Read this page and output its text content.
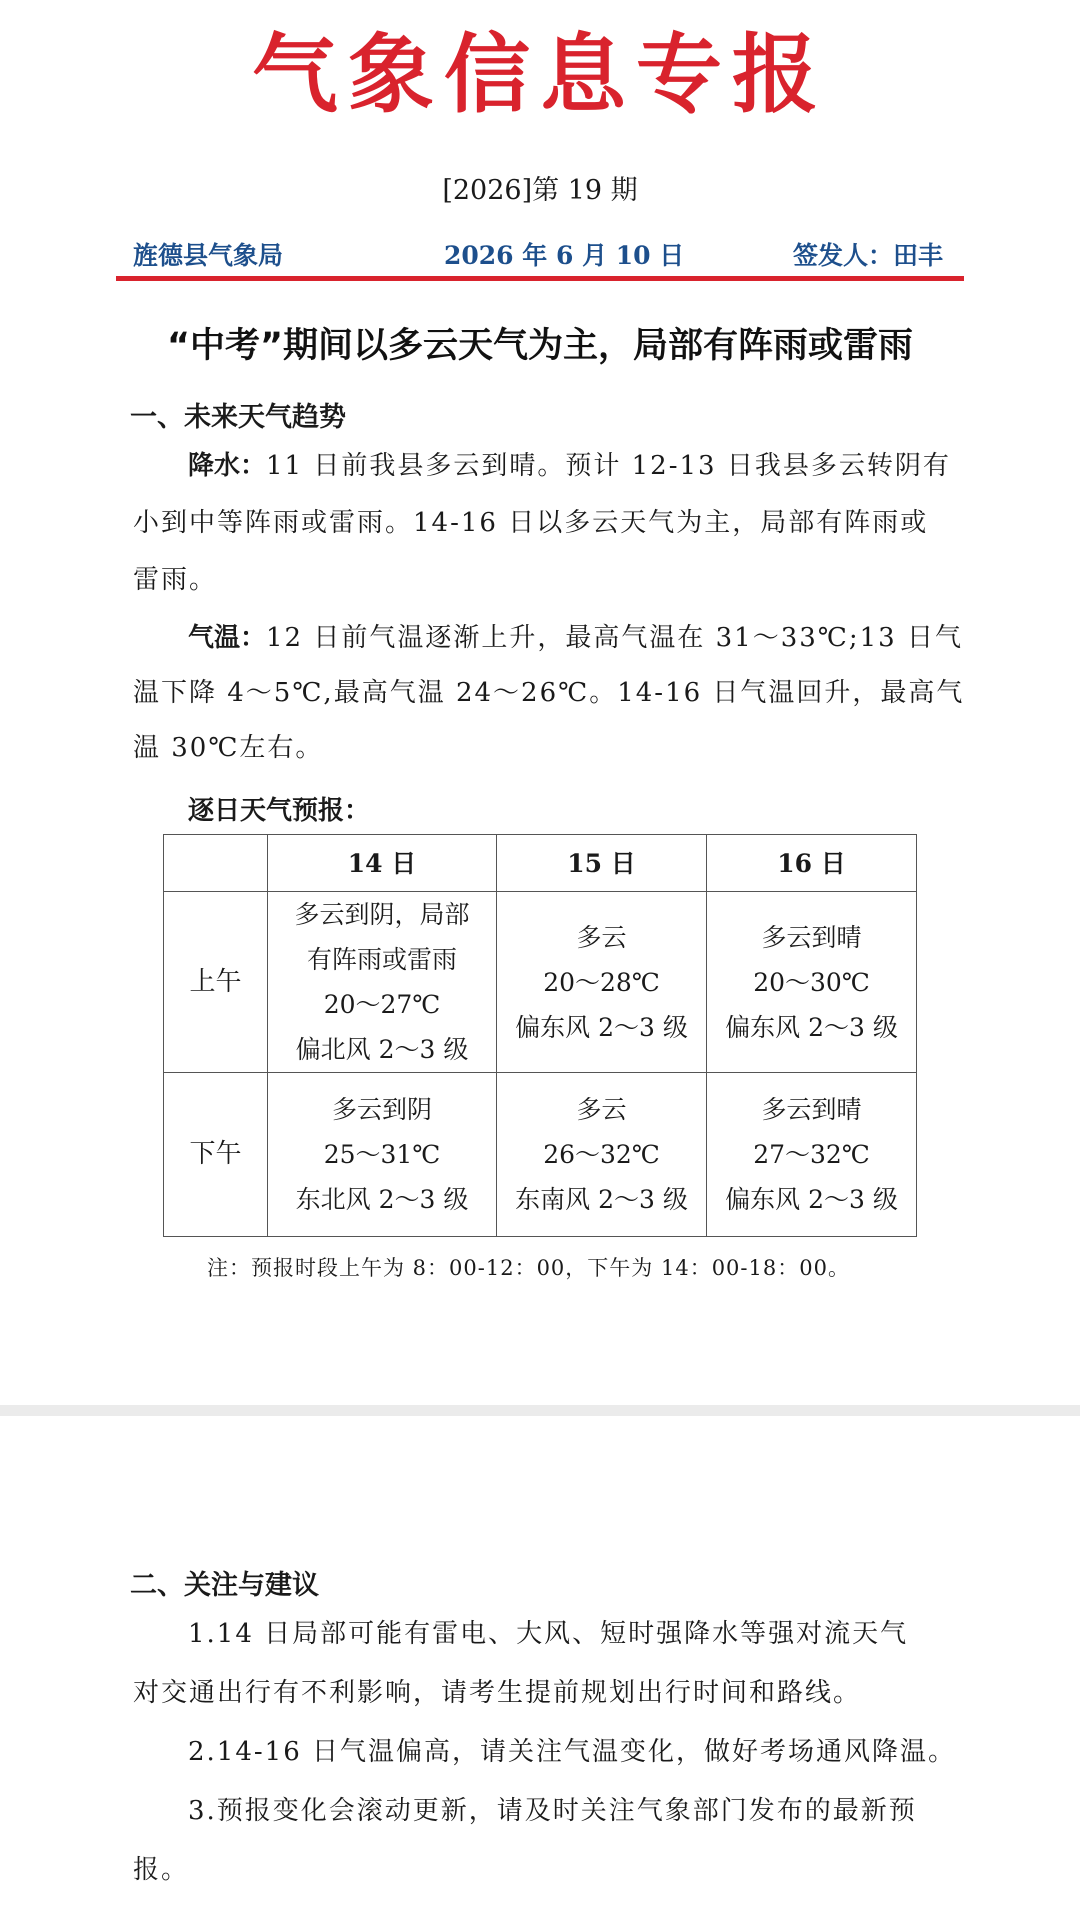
气象信息专报
[2026]第 19 期
旌德县气象局	2026 年 6 月 10 日	签发人：田丰
“中考”期间以多云天气为主，局部有阵雨或雷雨
一、未来天气趋势
降水：11 日前我县多云到晴。预计 12-13 日我县多云转阴有
小到中等阵雨或雷雨。14-16 日以多云天气为主，局部有阵雨或
雷雨。
气温：12 日前气温逐渐上升，最高气温在 31～33℃;13 日气
温下降 4～5℃,最高气温 24～26℃。14-16 日气温回升，最高气
温 30℃左右。
逐日天气预报：
	14 日	15 日	16 日
上午	多云到阴，局部
有阵雨或雷雨
20～27℃
偏北风 2～3 级	多云
20～28℃
偏东风 2～3 级	多云到晴
20～30℃
偏东风 2～3 级

下午	多云到阴
25～31℃
东北风 2～3 级	多云
26～32℃
东南风 2～3 级	多云到晴
27～32℃
偏东风 2～3 级
注：预报时段上午为 8：00-12：00，下午为 14：00-18：00。
二、关注与建议
1.14 日局部可能有雷电、大风、短时强降水等强对流天气
对交通出行有不利影响，请考生提前规划出行时间和路线。
2.14-16 日气温偏高，请关注气温变化，做好考场通风降温。
3.预报变化会滚动更新，请及时关注气象部门发布的最新预
报。
